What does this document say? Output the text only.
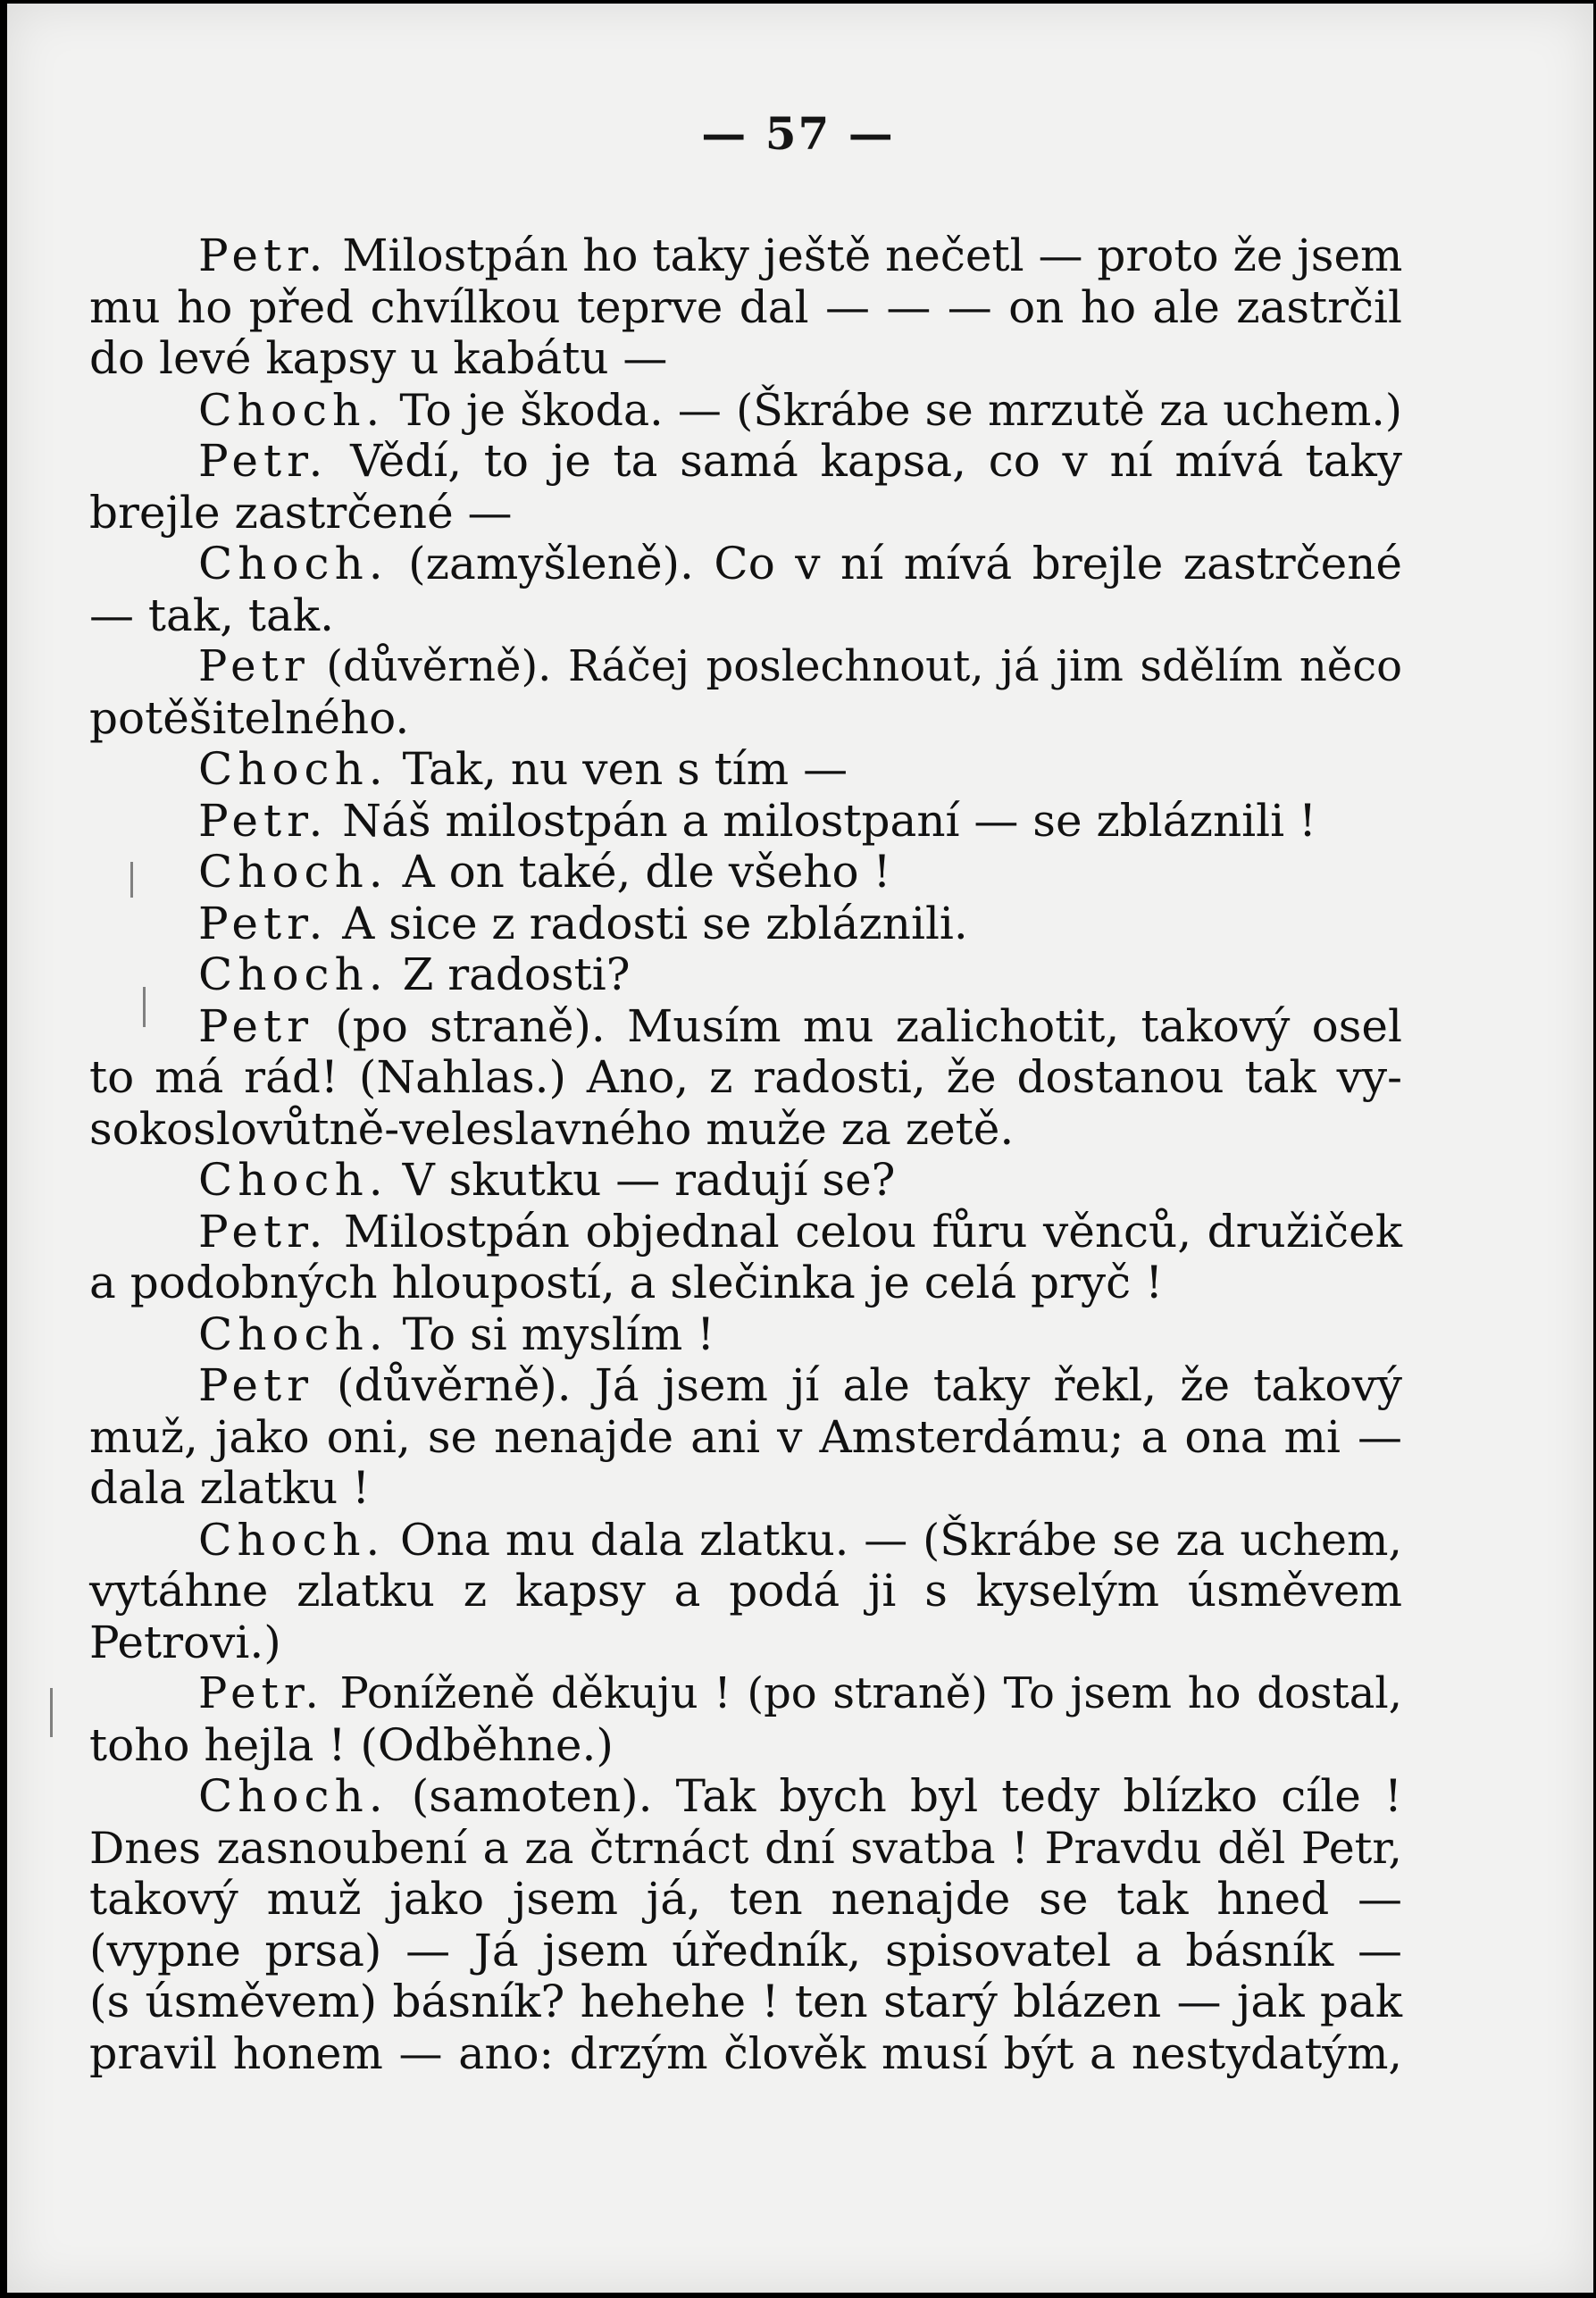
— 57 —
Petr. Milostpán ho taky ještě nečetl — proto že jsem
mu ho před chvílkou teprve dal — — — on ho ale zastrčil
do levé kapsy u kabátu —
Choch. To je škoda. — (Škrábe se mrzutě za uchem.)
Petr. Vědí, to je ta samá kapsa, co v ní mívá taky
brejle zastrčené —
Choch. (zamyšleně). Co v ní mívá brejle zastrčené
— tak, tak.
Petr (důvěrně). Ráčej poslechnout, já jim sdělím něco
potěšitelného.
Choch. Tak, nu ven s tím —
Petr. Náš milostpán a milostpaní — se zbláznili !
Choch. A on také, dle všeho !
Petr. A sice z radosti se zbláznili.
Choch. Z radosti?
Petr (po straně). Musím mu zalichotit, takový osel
to má rád! (Nahlas.) Ano, z radosti, že dostanou tak vy-
sokoslovůtně-veleslavného muže za zetě.
Choch. V skutku — radují se?
Petr. Milostpán objednal celou fůru věnců, družiček
a podobných hloupostí, a slečinka je celá pryč !
Choch. To si myslím !
Petr (důvěrně). Já jsem jí ale taky řekl, že takový
muž, jako oni, se nenajde ani v Amsterdámu; a ona mi —
dala zlatku !
Choch. Ona mu dala zlatku. — (Škrábe se za uchem,
vytáhne zlatku z kapsy a podá ji s kyselým úsměvem
Petrovi.)
Petr. Poníženě děkuju ! (po straně) To jsem ho dostal,
toho hejla ! (Odběhne.)
Choch. (samoten). Tak bych byl tedy blízko cíle !
Dnes zasnoubení a za čtrnáct dní svatba ! Pravdu děl Petr,
takový muž jako jsem já, ten nenajde se tak hned —
(vypne prsa) — Já jsem úředník, spisovatel a básník —
(s úsměvem) básník? hehehe ! ten starý blázen — jak pak
pravil honem — ano: drzým člověk musí být a nestydatým,
